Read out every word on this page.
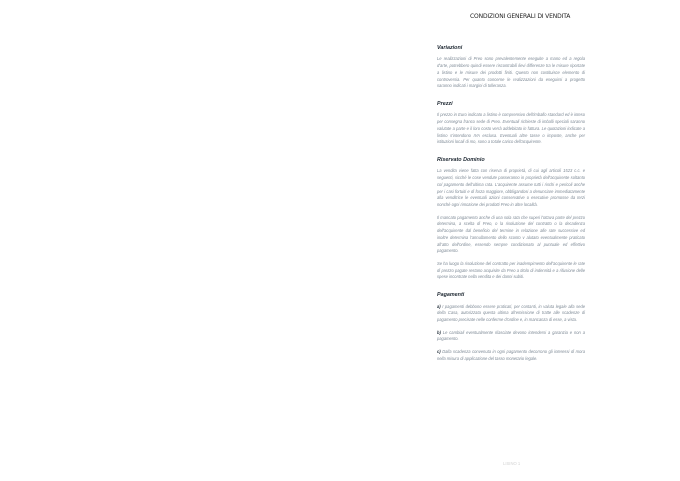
CONDIZIONI GENERALI DI VENDITA
Variazioni

Le realizzazioni di Preo sono prevalentemente eseguite a mano ed a regola d'arte, potrebbero quindi essere riscontrabili lievi differenze tra le misure riportate a listino e le misure dei prodotti finiti. Questo non costituisce elemento di controversia. Per quanto concerne le realizzazioni da eseguirsi a progetto saranno indicati i margini di tolleranza.

Prezzi

Il prezzo in Euro indicato a listino è comprensivo dell'imballo standard ed è inteso per consegna franco sede di Preo. Eventuali richieste di imballi speciali saranno valutate a parte e il loro costo verrà addebitato in fattura. Le quotazioni indicate a listino s'intendono IVA esclusa. Eventuali altre tasse o imposte, anche per istituzioni locali di mo, sono a totale carico dell'acquirente.

Riservato Dominio

La vendita viene fatta con riserva di proprietà, di cui agli articoli 1523 c.c. e seguenti, sicché le cose vendute passeranno in proprietà dell'acquirente soltanto col pagamento dell'ultima rata. L'acquirente assume tutti i rischi e pericoli anche per i casi fortuiti e di forza maggiore, obbligandosi a denunciare immediatamente alla venditrice le eventuali azioni conservative o esecutive promosse da terzi nonché ogni rimozione dei prodotti Preo in altre località.

Il mancato pagamento anche di una sola rata che superi l'ottava parte del prezzo determina, a scelta di Preo, o la risoluzione del contratto o la decadenza dell'acquirente dal beneficio del termine in relazione alle rate successive ed inoltre determina l'annullamento dello sconto v alutato eventualmente praticato all'atto dell'ordine, essendo sempre condizionato al puntuale ed effettivo pagamento.

Se ha luogo la risoluzione del contratto per inadempimento dell'acquirente le rate di prezzo pagate restano acquisite da Preo a titolo di indennità e a rifusione delle spese incontrate nella vendita e dei danni subiti.

Pagamenti

a) I pagamenti debbono essere praticati, per contanti, in valuta legale alla sede della Casa, autorizzata questa ultima all'emissione di tratte alle scadenze di pagamento precisate nelle conferme d'ordine e, in mancanza di esse, a vista.

b) Le cambiali eventualmente rilasciate devono intendersi a garanzia e non a pagamento.

c) Dalla scadenza convenuta in ogni pagamento decorrono gli interessi di mora nella misura di applicazione del tasso monetario legale.

LISINO 1
